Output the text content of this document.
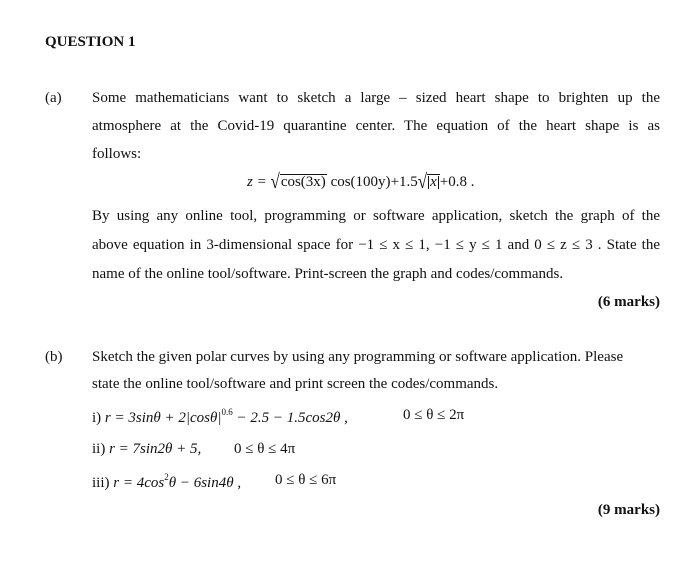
QUESTION 1
(a) Some mathematicians want to sketch a large – sized heart shape to brighten up the
atmosphere at the Covid-19 quarantine center. The equation of the heart shape is as
follows:
z = √cos(3x) cos(100y)+1.5√ x +0.8 .
By using any online tool, programming or software application, sketch the graph of the
above equation in 3-dimensional space for −1 ≤ x ≤ 1, −1 ≤ y ≤ 1 and 0 ≤ z ≤ 3 . State the
name of the online tool/software. Print-screen the graph and codes/commands.
(6 marks)
(b) Sketch the given polar curves by using any programming or software application. Please
state the online tool/software and print screen the codes/commands.
i) $r = 3\sin\theta + 2|\cos\theta|^{0.6} - 2.5 - 1.5\cos 2\theta$ ,	0 ≤ θ ≤ 2π
ii) r = 7sin2θ + 5, 0 ≤ θ ≤ 4π
iii) $r = 4\cos^2\theta - 6\sin 4\theta$ , 0 ≤ θ ≤ 6π
(9 marks)
